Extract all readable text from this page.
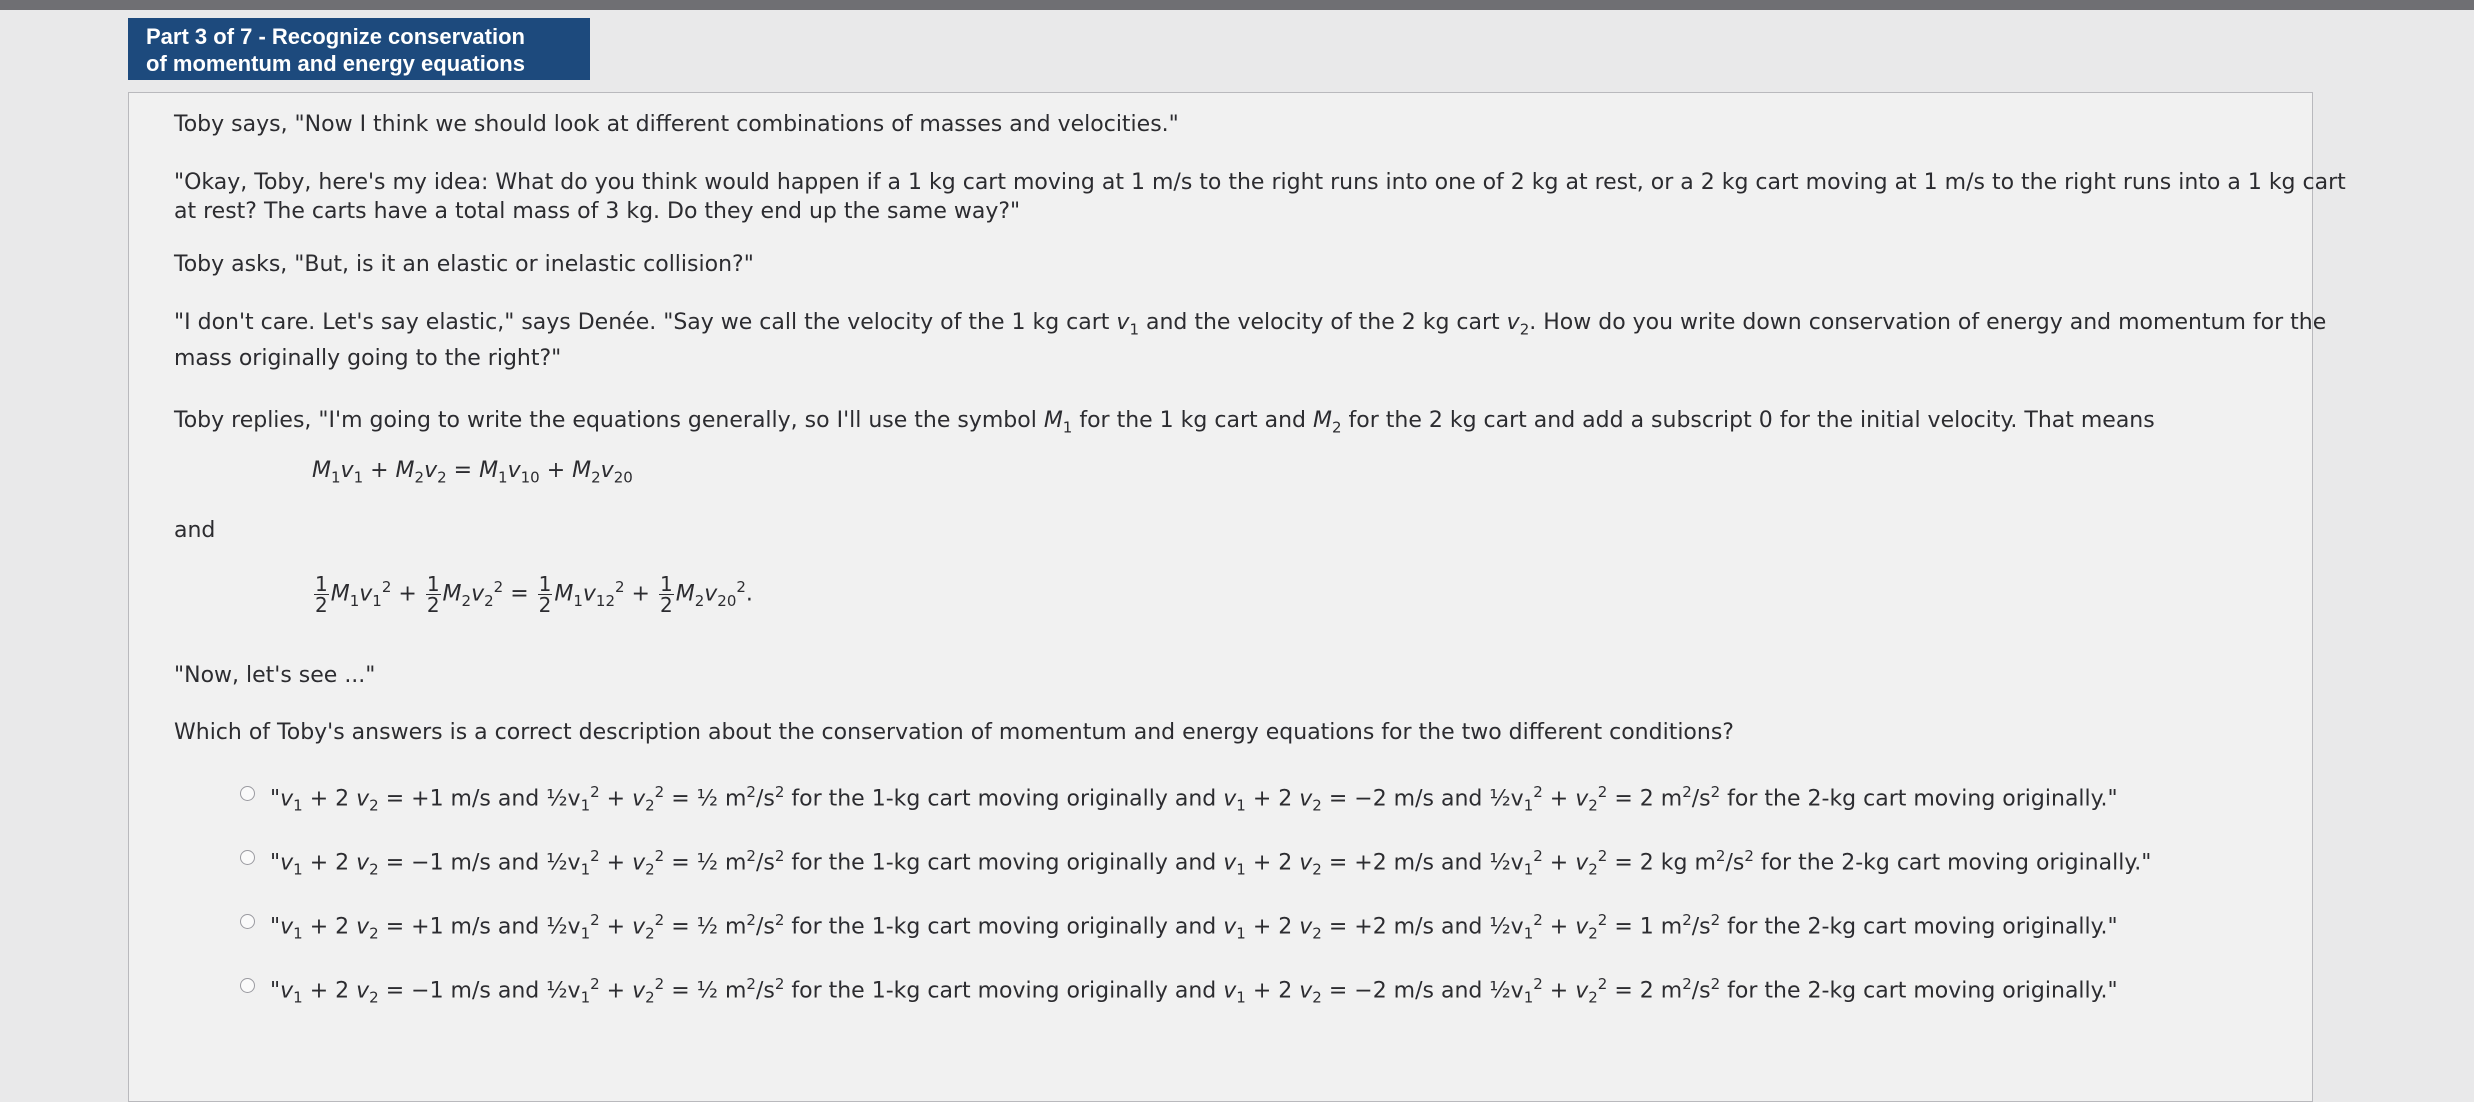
Part 3 of 7 - Recognize conservation
of momentum and energy equations

Toby says, "Now I think we should look at different combinations of masses and velocities."

"Okay, Toby, here's my idea: What do you think would happen if a 1 kg cart moving at 1 m/s to the right runs into one of 2 kg at rest, or a 2 kg cart moving at 1 m/s to the right runs into a 1 kg cart at rest? The carts have a total mass of 3 kg. Do they end up the same way?"

Toby asks, "But, is it an elastic or inelastic collision?"

"I don't care. Let's say elastic," says Denée. "Say we call the velocity of the 1 kg cart $v_1$ and the velocity of the 2 kg cart $v_2$. How do you write down conservation of energy and momentum for the mass originally going to the right?"

Toby replies, "I'm going to write the equations generally, so I'll use the symbol $M_1$ for the 1 kg cart and $M_2$ for the 2 kg cart and add a subscript 0 for the initial velocity. That means

$M_1v_1 + M_2v_2 = M_1v_{10} + M_2v_{20}$
and
$\frac{1}{2} M_1v_1^2 + \frac{1}{2} M_2v_2^2 = \frac{1}{2} M_1v_{12}^2 + \frac{1}{2} M_2v_{20}^2$.
"Now, let's see ..."
Which of Toby's answers is a correct description about the conservation of momentum and energy equations for the two different conditions?
"$v_1 + 2$ $v_2 = +1$ m/s and $\frac{1}{2}v_1^2 + v_2^2$ = ½ $m^2/s^2$ for the 1-kg cart moving originally and $v_1 + 2$ $v_2 = -2$ m/s and $\frac{1}{2}v_1^2 + v_2^2 = 2$ $m^2/s^2$ for the 2-kg cart moving originally."
"$v_1 + 2$ $v_2 = -1$ m/s and $\frac{1}{2}v_1^2 + v_2^2$ = ½ $m^2/s^2$ for the 1-kg cart moving originally and $v_1 + 2$ $v_2 = +2$ m/s and $\frac{1}{2}v_1^2 + v_2^2 = 2$ kg $m^2/s^2$ for the 2-kg cart moving originally."
"$v_1 + 2$ $v_2 = +1$ m/s and $\frac{1}{2}v_1^2 + v_2^2$ = ½ $m^2/s^2$ for the 1-kg cart moving originally and $v_1 + 2$ $v_2 = +2$ m/s and $\frac{1}{2}v_1^2 + v_2^2 = 1$ $m^2/s^2$ for the 2-kg cart moving originally."
"$v_1 + 2$ $v_2 = -1$ m/s and $\frac{1}{2}v_1^2 + v_2^2$ = ½ $m^2/s^2$ for the 1-kg cart moving originally and $v_1 + 2$ $v_2 = -2$ m/s and $\frac{1}{2}v_1^2 + v_2^2 = 2$ $m^2/s^2$ for the 2-kg cart moving originally."
